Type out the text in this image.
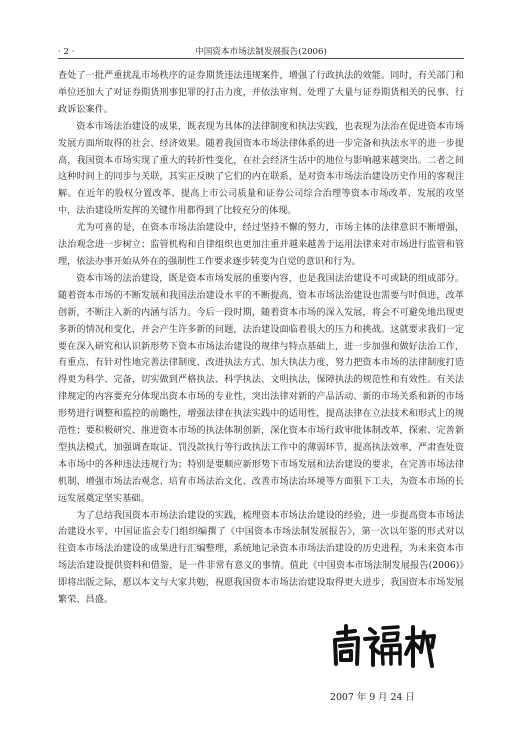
· 2 ·	中国资本市场法制发展报告(2006)

查处了一批严重扰乱市场秩序的证券期货违法违规案件，增强了行政执法的效能。同时，有关部门和单位还加大了对证券期货刑事犯罪的打击力度，并依法审判、处理了大量与证券期货相关的民事、行政诉讼案件。

资本市场法治建设的成果，既表现为具体的法律制度和执法实践，也表现为法治在促进资本市场发展方面所取得的社会、经济效果。随着我国资本市场法律体系的进一步完备和执法水平的进一步提高，我国资本市场实现了重大的转折性变化，在社会经济生活中的地位与影响越来越突出。二者之间这种时间上的同步与关联，其实正反映了它们的内在联系，是对资本市场法治建设历史作用的客观注解。在近年的股权分置改革、提高上市公司质量和证券公司综合治理等资本市场改革、发展的攻坚中，法治建设所发挥的关键作用都得到了比较充分的体现。

尤为可喜的是，在资本市场法治建设中，经过坚持不懈的努力，市场主体的法律意识不断增强，法治观念进一步树立；监管机构和自律组织也更加注重并越来越善于运用法律来对市场进行监管和管理，依法办事开始从外在的强制性工作要求逐步转变为自觉的意识和行为。

资本市场的法治建设，既是资本市场发展的重要内容，也是我国法治建设不可或缺的组成部分。随着资本市场的不断发展和我国法治建设水平的不断提高，资本市场法治建设也需要与时俱进，改革创新，不断注入新的内涵与活力。今后一段时期，随着资本市场的深入发展，将会不可避免地出现更多新的情况和变化，并会产生许多新的问题，法治建设面临着很大的压力和挑战。这就要求我们一定要在深入研究和认识新形势下资本市场法治建设的规律与特点基础上，进一步加强和做好法治工作，有重点、有针对性地完善法律制度、改进执法方式、加大执法力度，努力把资本市场的法律制度打造得更为科学、完备，切实做到严格执法、科学执法、文明执法，保障执法的规范性和有效性。有关法律规定的内容要充分体现出资本市场的专业性，突出法律对新的产品活动、新的市场关系和新的市场形势进行调整和监控的前瞻性，增强法律在执法实践中的适用性，提高法律在立法技术和形式上的规范性；要积极研究、推进资本市场的执法体制创新，深化资本市场行政审批体制改革，探索、完善新型执法模式，加强调查取证、罚没款执行等行政执法工作中的薄弱环节，提高执法效率，严肃查处资本市场中的各种违法违规行为；特别是要顺应新形势下市场发展和法治建设的要求，在完善市场法律机制、增强市场法治观念、培育市场法治文化、改善市场法治环境等方面狠下工夫，为资本市场的长远发展奠定坚实基础。

为了总结我国资本市场法治建设的实践，梳理资本市场法治建设的经验，进一步提高资本市场法治建设水平，中国证监会专门组织编撰了《中国资本市场法制发展报告》，第一次以年鉴的形式对以往资本市场法治建设的成果进行汇编整理，系统地记录资本市场法治建设的历史进程，为未来资本市场法治建设提供资料和借鉴，是一件非常有意义的事情。值此《中国资本市场法制发展报告(2006)》即将出版之际，愿以本文与大家共勉，祝愿我国资本市场法治建设取得更大进步，我国资本市场发展繁荣、昌盛。

2007 年 9 月 24 日
